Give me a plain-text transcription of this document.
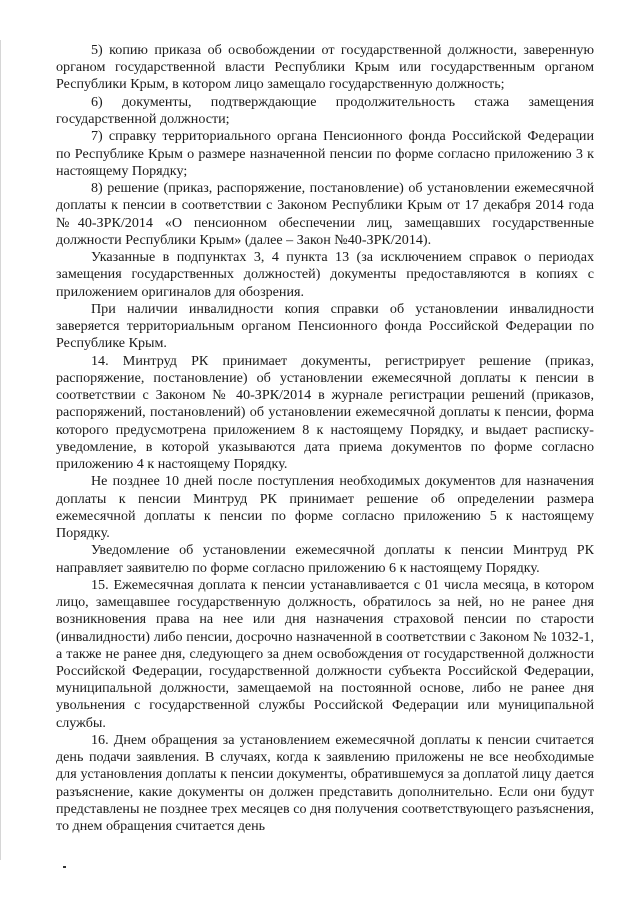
5) копию приказа об освобождении от государственной должности, заверенную органом государственной власти Республики Крым или государственным органом Республики Крым, в котором лицо замещало государственную должность;

6) документы, подтверждающие продолжительность стажа замещения государственной должности;

7) справку территориального органа Пенсионного фонда Российской Федерации по Республике Крым о размере назначенной пенсии по форме согласно приложению 3 к настоящему Порядку;

8) решение (приказ, распоряжение, постановление) об установлении ежемесячной доплаты к пенсии в соответствии с Законом Республики Крым от 17 декабря 2014 года №40-ЗРК/2014 «О пенсионном обеспечении лиц, замещавших государственные должности Республики Крым» (далее – Закон №40-ЗРК/2014).

Указанные в подпунктах 3, 4 пункта 13 (за исключением справок о периодах замещения государственных должностей) документы предоставляются в копиях с приложением оригиналов для обозрения.

При наличии инвалидности копия справки об установлении инвалидности заверяется территориальным органом Пенсионного фонда Российской Федерации по Республике Крым.

14. Минтруд РК принимает документы, регистрирует решение (приказ, распоряжение, постановление) об установлении ежемесячной доплаты к пенсии в соответствии с Законом № 40-ЗРК/2014 в журнале регистрации решений (приказов, распоряжений, постановлений) об установлении ежемесячной доплаты к пенсии, форма которого предусмотрена приложением 8 к настоящему Порядку, и выдает расписку-уведомление, в которой указываются дата приема документов по форме согласно приложению 4 к настоящему Порядку.

Не позднее 10 дней после поступления необходимых документов для назначения доплаты к пенсии Минтруд РК принимает решение об определении размера ежемесячной доплаты к пенсии по форме согласно приложению 5 к настоящему Порядку.

Уведомление об установлении ежемесячной доплаты к пенсии Минтруд РК направляет заявителю по форме согласно приложению 6 к настоящему Порядку.

15. Ежемесячная доплата к пенсии устанавливается с 01 числа месяца, в котором лицо, замещавшее государственную должность, обратилось за ней, но не ранее дня возникновения права на нее или дня назначения страховой пенсии по старости (инвалидности) либо пенсии, досрочно назначенной в соответствии с Законом № 1032-1, а также не ранее дня, следующего за днем освобождения от государственной должности Российской Федерации, государственной должности субъекта Российской Федерации, муниципальной должности, замещаемой на постоянной основе, либо не ранее дня увольнения с государственной службы Российской Федерации или муниципальной службы.

16. Днем обращения за установлением ежемесячной доплаты к пенсии считается день подачи заявления. В случаях, когда к заявлению приложены не все необходимые для установления доплаты к пенсии документы, обратившемуся за доплатой лицу дается разъяснение, какие документы он должен представить дополнительно. Если они будут представлены не позднее трех месяцев со дня получения соответствующего разъяснения, то днем обращения считается день
